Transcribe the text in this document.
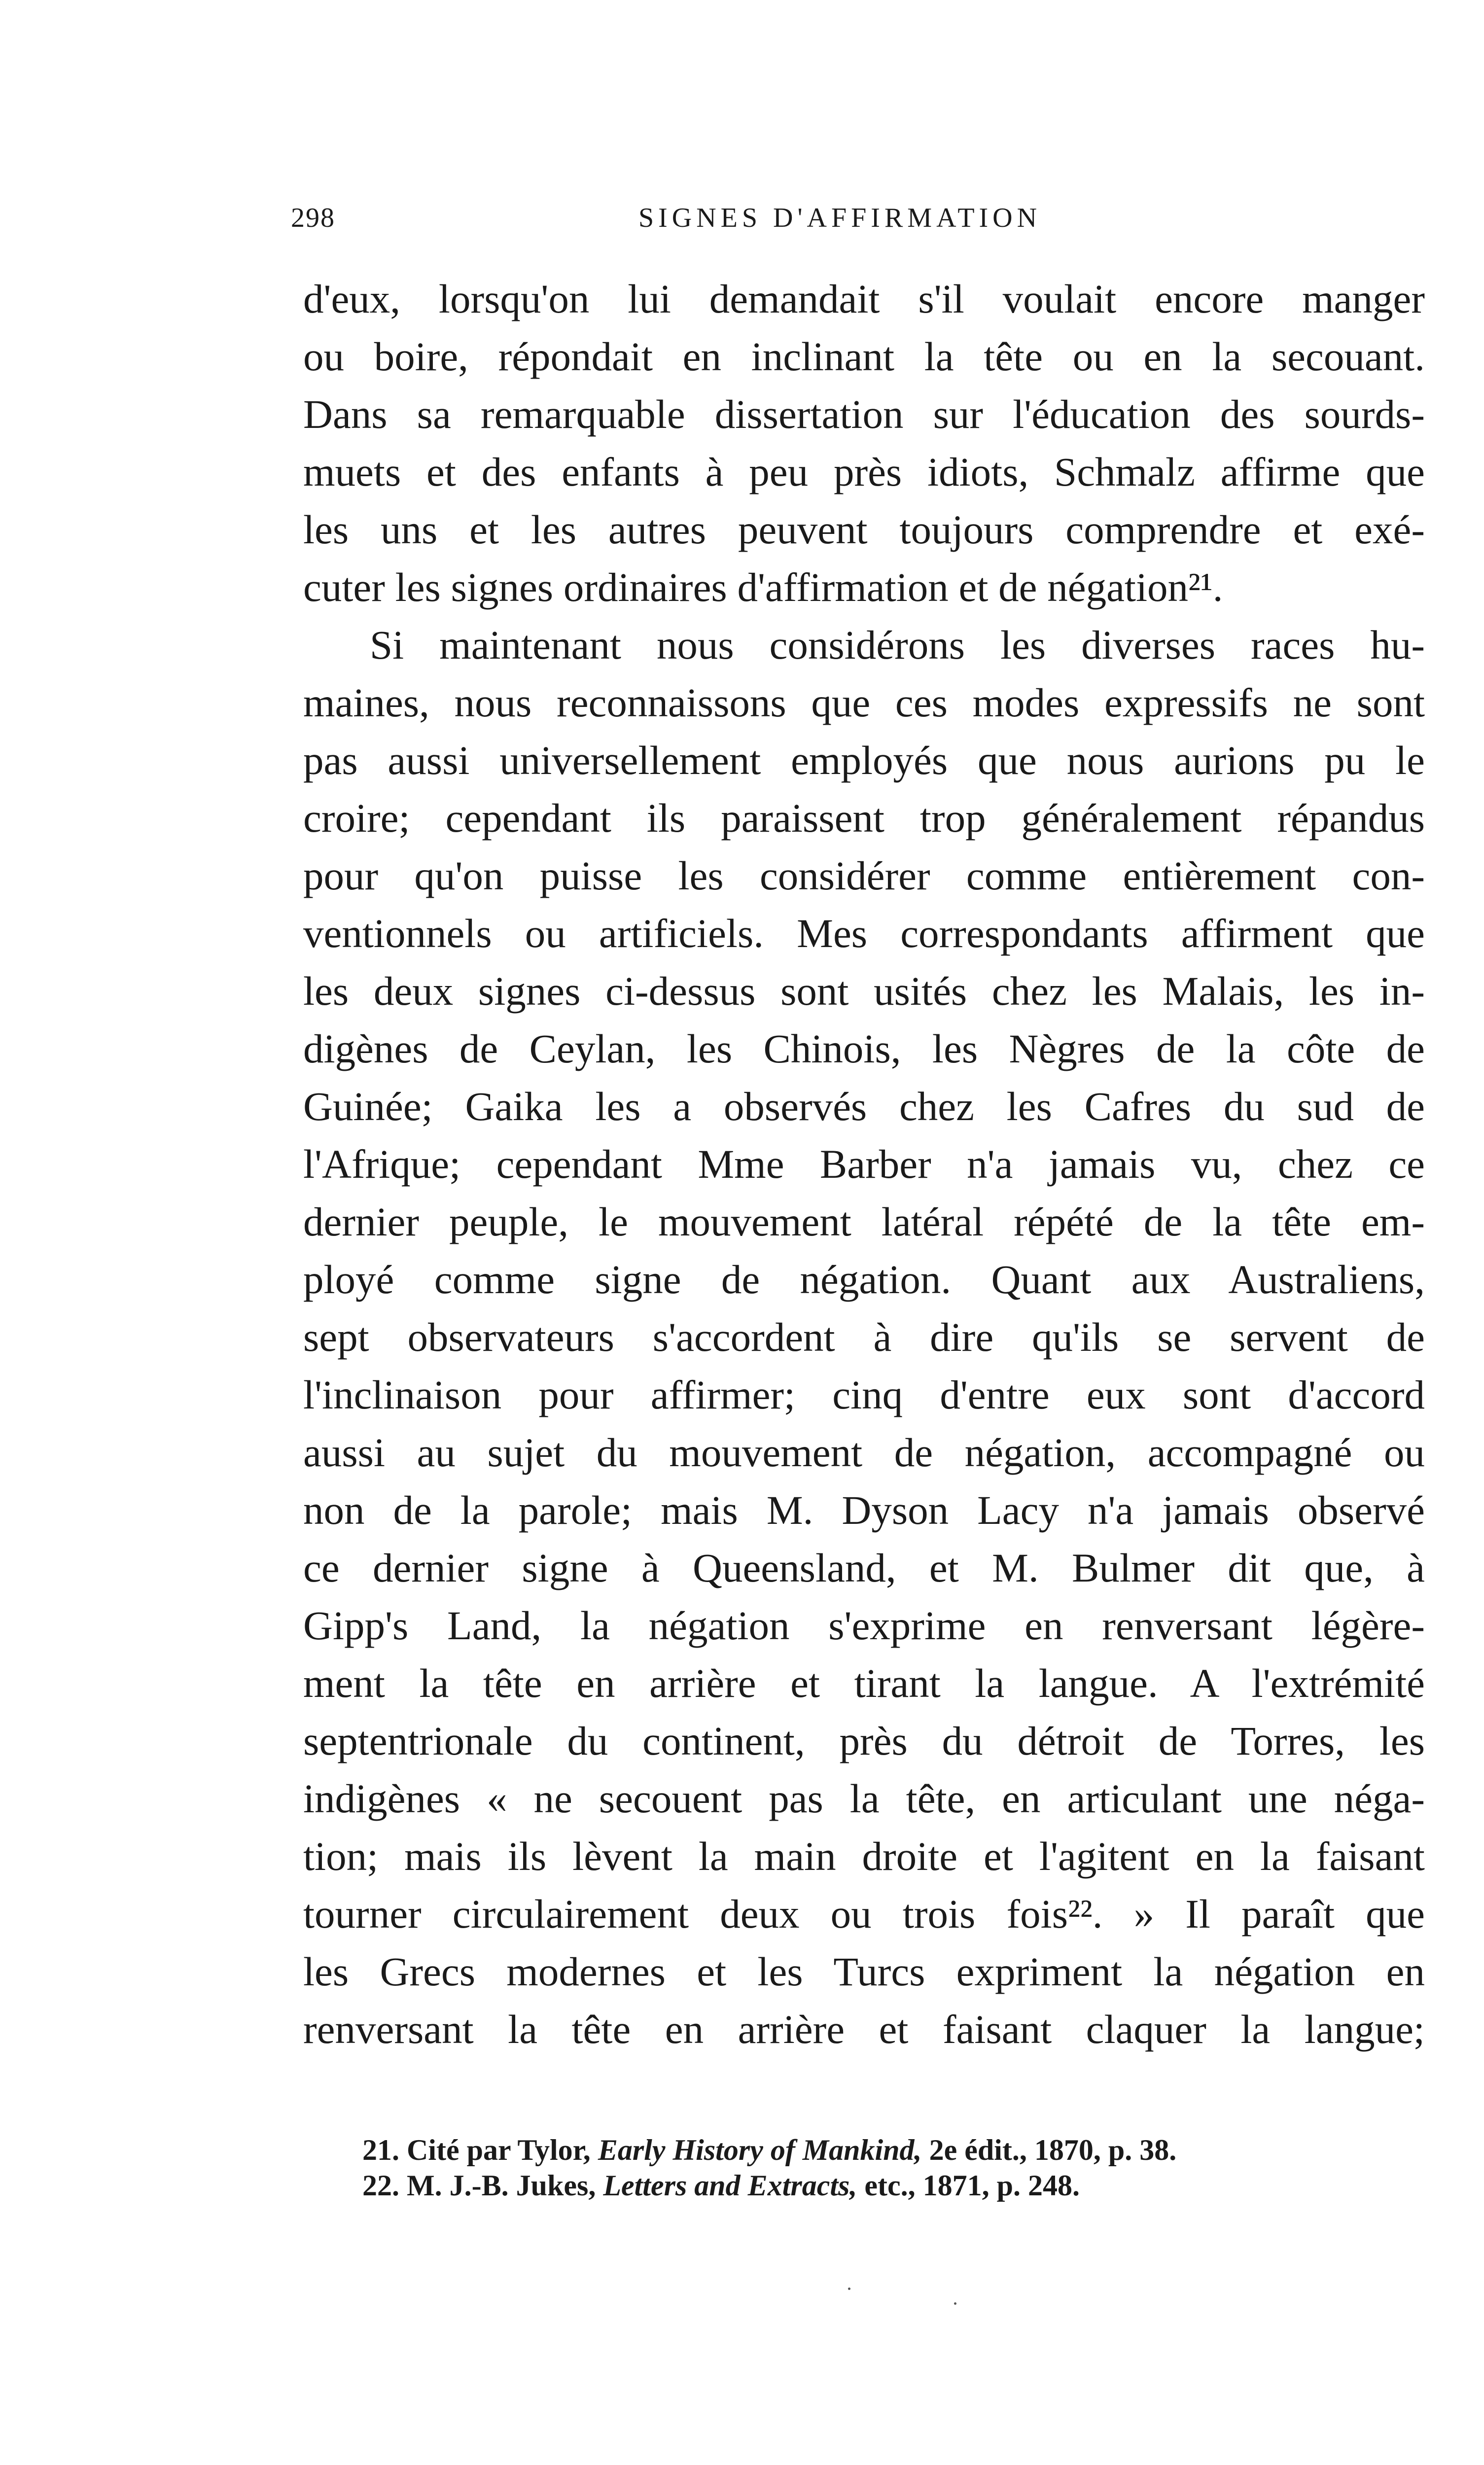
298	SIGNES D'AFFIRMATION
d'eux, lorsqu'on lui demandait s'il voulait encore manger
ou boire, répondait en inclinant la tête ou en la secouant.
Dans sa remarquable dissertation sur l'éducation des sourds-
muets et des enfants à peu près idiots, Schmalz affirme que
les uns et les autres peuvent toujours comprendre et exé-
cuter les signes ordinaires d'affirmation et de négation²¹.
Si maintenant nous considérons les diverses races hu-
maines, nous reconnaissons que ces modes expressifs ne sont
pas aussi universellement employés que nous aurions pu le
croire; cependant ils paraissent trop généralement répandus
pour qu'on puisse les considérer comme entièrement con-
ventionnels ou artificiels. Mes correspondants affirment que
les deux signes ci-dessus sont usités chez les Malais, les in-
digènes de Ceylan, les Chinois, les Nègres de la côte de
Guinée; Gaika les a observés chez les Cafres du sud de
l'Afrique; cependant Mme Barber n'a jamais vu, chez ce
dernier peuple, le mouvement latéral répété de la tête em-
ployé comme signe de négation. Quant aux Australiens,
sept observateurs s'accordent à dire qu'ils se servent de
l'inclinaison pour affirmer; cinq d'entre eux sont d'accord
aussi au sujet du mouvement de négation, accompagné ou
non de la parole; mais M. Dyson Lacy n'a jamais observé
ce dernier signe à Queensland, et M. Bulmer dit que, à
Gipp's Land, la négation s'exprime en renversant légère-
ment la tête en arrière et tirant la langue. A l'extrémité
septentrionale du continent, près du détroit de Torres, les
indigènes « ne secouent pas la tête, en articulant une néga-
tion; mais ils lèvent la main droite et l'agitent en la faisant
tourner circulairement deux ou trois fois²². » Il paraît que
les Grecs modernes et les Turcs expriment la négation en
renversant la tête en arrière et faisant claquer la langue;
21. Cité par Tylor, Early History of Mankind, 2e édit., 1870, p. 38.
22. M. J.-B. Jukes, Letters and Extracts, etc., 1871, p. 248.
